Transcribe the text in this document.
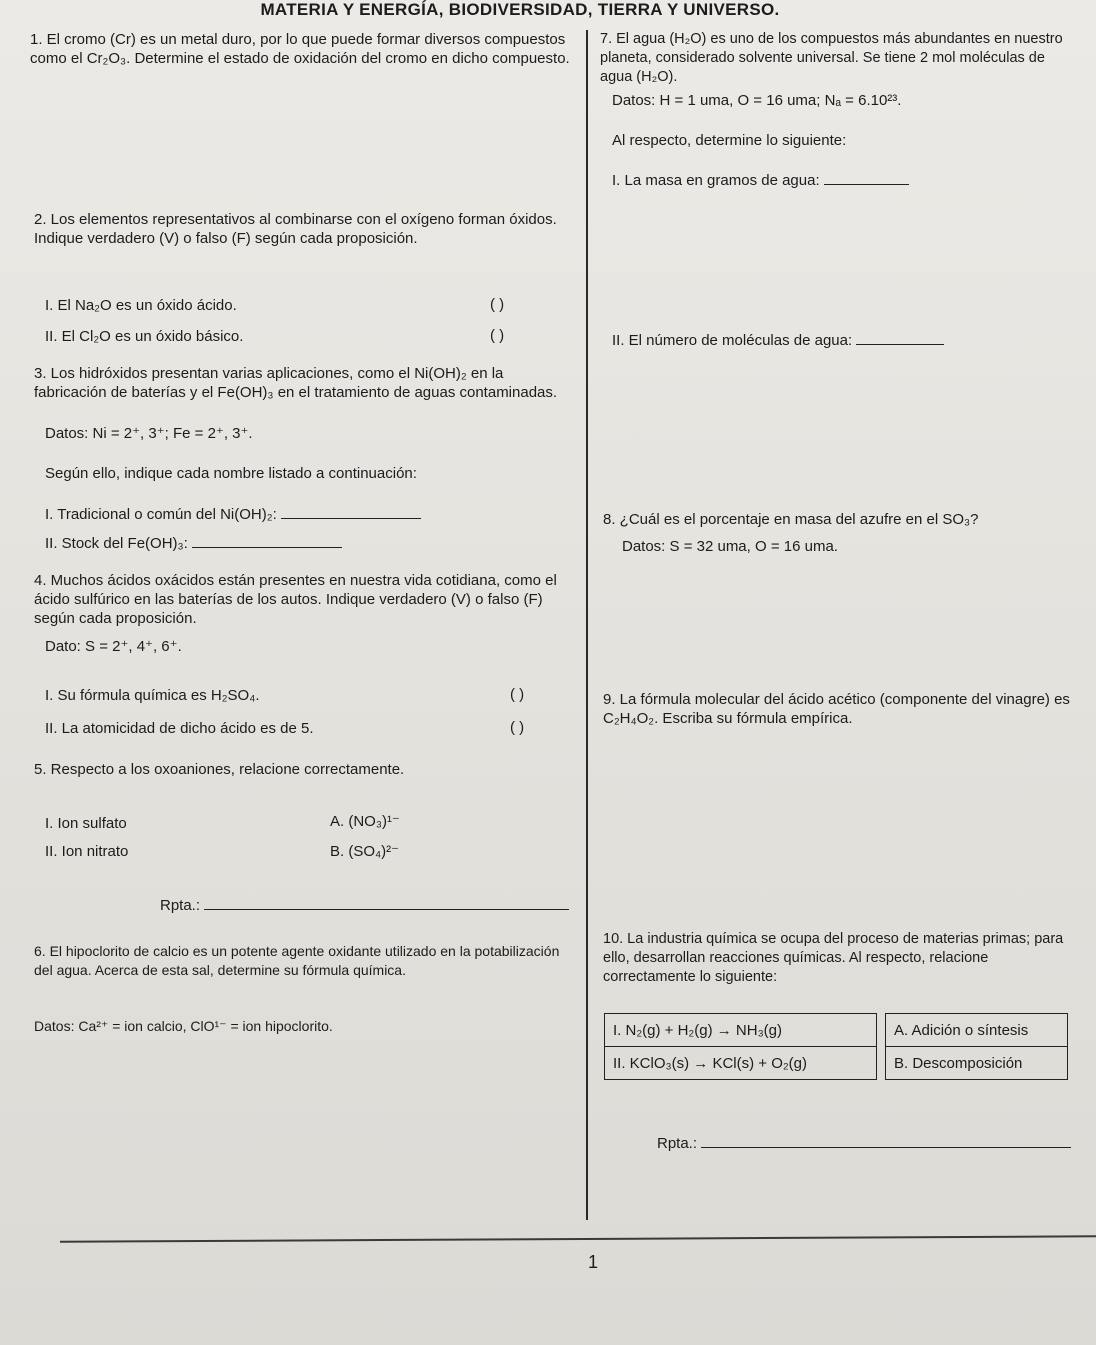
MATERIA Y ENERGÍA, BIODIVERSIDAD, TIERRA Y UNIVERSO.
1

1. El cromo (Cr) es un metal duro, por lo que puede formar diversos compuestos como el Cr₂O₃. Determine el estado de oxidación del cromo en dicho compuesto.

2. Los elementos representativos al combinarse con el oxígeno forman óxidos. Indique verdadero (V) o falso (F) según cada proposición.

I. El Na₂O es un óxido ácido.	( )
II. El Cl₂O es un óxido básico.	( )

3. Los hidróxidos presentan varias aplicaciones, como el Ni(OH)₂ en la fabricación de baterías y el Fe(OH)₃ en el tratamiento de aguas contaminadas.

Datos: Ni = 2⁺, 3⁺; Fe = 2⁺, 3⁺.
Según ello, indique cada nombre listado a continuación:
I. Tradicional o común del Ni(OH)₂:
II. Stock del Fe(OH)₃:

4. Muchos ácidos oxácidos están presentes en nuestra vida cotidiana, como el ácido sulfúrico en las baterías de los autos. Indique verdadero (V) o falso (F) según cada proposición.

Dato: S = 2⁺, 4⁺, 6⁺.
I. Su fórmula química es H₂SO₄.	( )
II. La atomicidad de dicho ácido es de 5.	( )
5. Respecto a los oxoaniones, relacione correctamente.
I. Ion sulfato	A. (NO₃)¹⁻
II. Ion nitrato	B. (SO₄)²⁻
Rpta.:

6. El hipoclorito de calcio es un potente agente oxidante utilizado en la potabilización del agua. Acerca de esta sal, determine su fórmula química.

Datos: Ca²⁺ = ion calcio, ClO¹⁻ = ion hipoclorito.

7. El agua (H₂O) es uno de los compuestos más abundantes en nuestro planeta, considerado solvente universal. Se tiene 2 mol moléculas de agua (H₂O).

Datos: H = 1 uma, O = 16 uma; Nₐ = 6.10²³.
Al respecto, determine lo siguiente:
I. La masa en gramos de agua:
II. El número de moléculas de agua:
8. ¿Cuál es el porcentaje en masa del azufre en el SO₃?
Datos: S = 32 uma, O = 16 uma.

9. La fórmula molecular del ácido acético (componente del vinagre) es C₂H₄O₂. Escriba su fórmula empírica.

10. La industria química se ocupa del proceso de materias primas; para ello, desarrollan reacciones químicas. Al respecto, relacione correctamente lo siguiente:

I. N₂(g) + H₂(g) → NH₃(g)		A. Adición o síntesis
II. KClO₃(s) → KCl(s) + O₂(g)		B. Descomposición
Rpta.:
